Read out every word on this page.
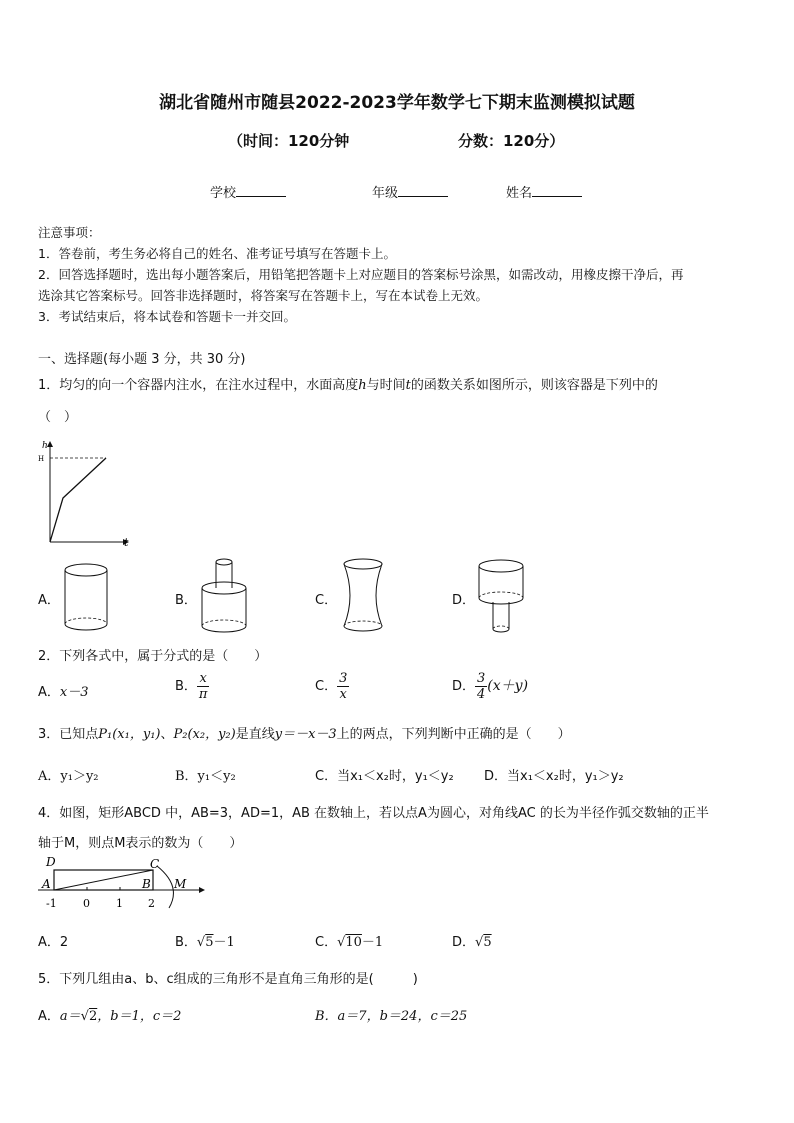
湖北省随州市随县2022-2023学年数学七下期末监测模拟试题
（时间：120分钟	分数：120分）
学校	年级	姓名
注意事项：
1．答卷前，考生务必将自己的姓名、准考证号填写在答题卡上。
2．回答选择题时，选出每小题答案后，用铅笔把答题卡上对应题目的答案标号涂黑，如需改动，用橡皮擦干净后，再
选涂其它答案标号。回答非选择题时，将答案写在答题卡上，写在本试卷上无效。
3．考试结束后，将本试卷和答题卡一并交回。
一、选择题(每小题 3 分，共 30 分)
1．均匀的向一个容器内注水，在注水过程中，水面高度h与时间t的函数关系如图所示，则该容器是下列中的
（　）
h
H
t
A．	B．	C．	D．
2．下列各式中，属于分式的是（　　）
A．x－3	B． $\frac{x}{\pi}$	C． $\frac{3}{x}$	D． $\frac{3}{4} (x+y)$
3．已知点P₁(x₁，y₁)、P₂(x₂，y₂)是直线y＝－x－3上的两点，下列判断中正确的是（　　）
A．y₁＞y₂	B．y₁＜y₂	C．当x₁＜x₂时，y₁＜y₂ D．当x₁＜x₂时，y₁＞y₂
4．如图，矩形ABCD 中，AB=3，AD=1，AB 在数轴上，若以点A为圆心，对角线AC 的长为半径作弧交数轴的正半
轴于M，则点M表示的数为（　　）
D	C
A	B M
-1 0 1 2
A．2	B．√5－1	C．√10－1	D．√5
5．下列几组由a、b、c组成的三角形不是直角三角形的是(　　　)
A．a＝√2，b＝1，c＝2	B．a＝7，b＝24，c＝25
